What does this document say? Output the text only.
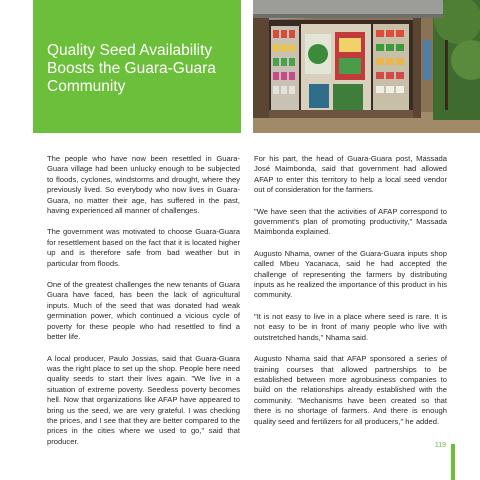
Quality Seed Availability Boosts the Guara-Guara Community

The people who have now been resettled in Guara-Guara village had been unlucky enough to be subjected to floods, cyclones, windstorms and drought, where they previously lived. So everybody who now lives in Guara-Guara, no matter their age, has suffered in the past, having experienced all manner of challenges.

The government was motivated to choose Guara-Guara for resettlement based on the fact that it is located higher up and is therefore safe from bad weather but in particular from floods.

One of the greatest challenges the new tenants of Guara Guara have faced, has been the lack of agricultural inputs. Much of the seed that was donated had weak germination power, which continued a vicious cycle of poverty for these people who had resettled to find a better life.

A local producer, Paulo Jossias, said that Guara-Guara was the right place to set up the shop. People here need quality seeds to start their lives again. "We live in a situation of extreme poverty. Seedless poverty becomes hell. Now that organizations like AFAP have appeared to bring us the seed, we are very grateful. I was checking the prices, and I see that they are better compared to the prices in the cities where we used to go," said that producer.

For his part, the head of Guara-Guara post, Massada José Maimbonda, said that government had allowed AFAP to enter this territory to help a local seed vendor out of consideration for the farmers.

"We have seen that the activities of AFAP correspond to government's plan of promoting productivity," Massada Maimbonda explained.

Augusto Nhama, owner of the Guara-Guara inputs shop called Mbeu Yacanaca, said he had accepted the challenge of representing the farmers by distributing inputs as he realized the importance of this product in his community.

"It is not easy to live in a place where seed is rare. It is not easy to be in front of many people who live with outstretched hands," Nhama said.

Augusto Nhama said that AFAP sponsored a series of training courses that allowed partnerships to be established between more agrobusiness companies to build on the relationships already established with the community. "Mechanisms have been created so that there is no shortage of farmers. And there is enough quality seed and fertilizers for all producers," he added.

119
